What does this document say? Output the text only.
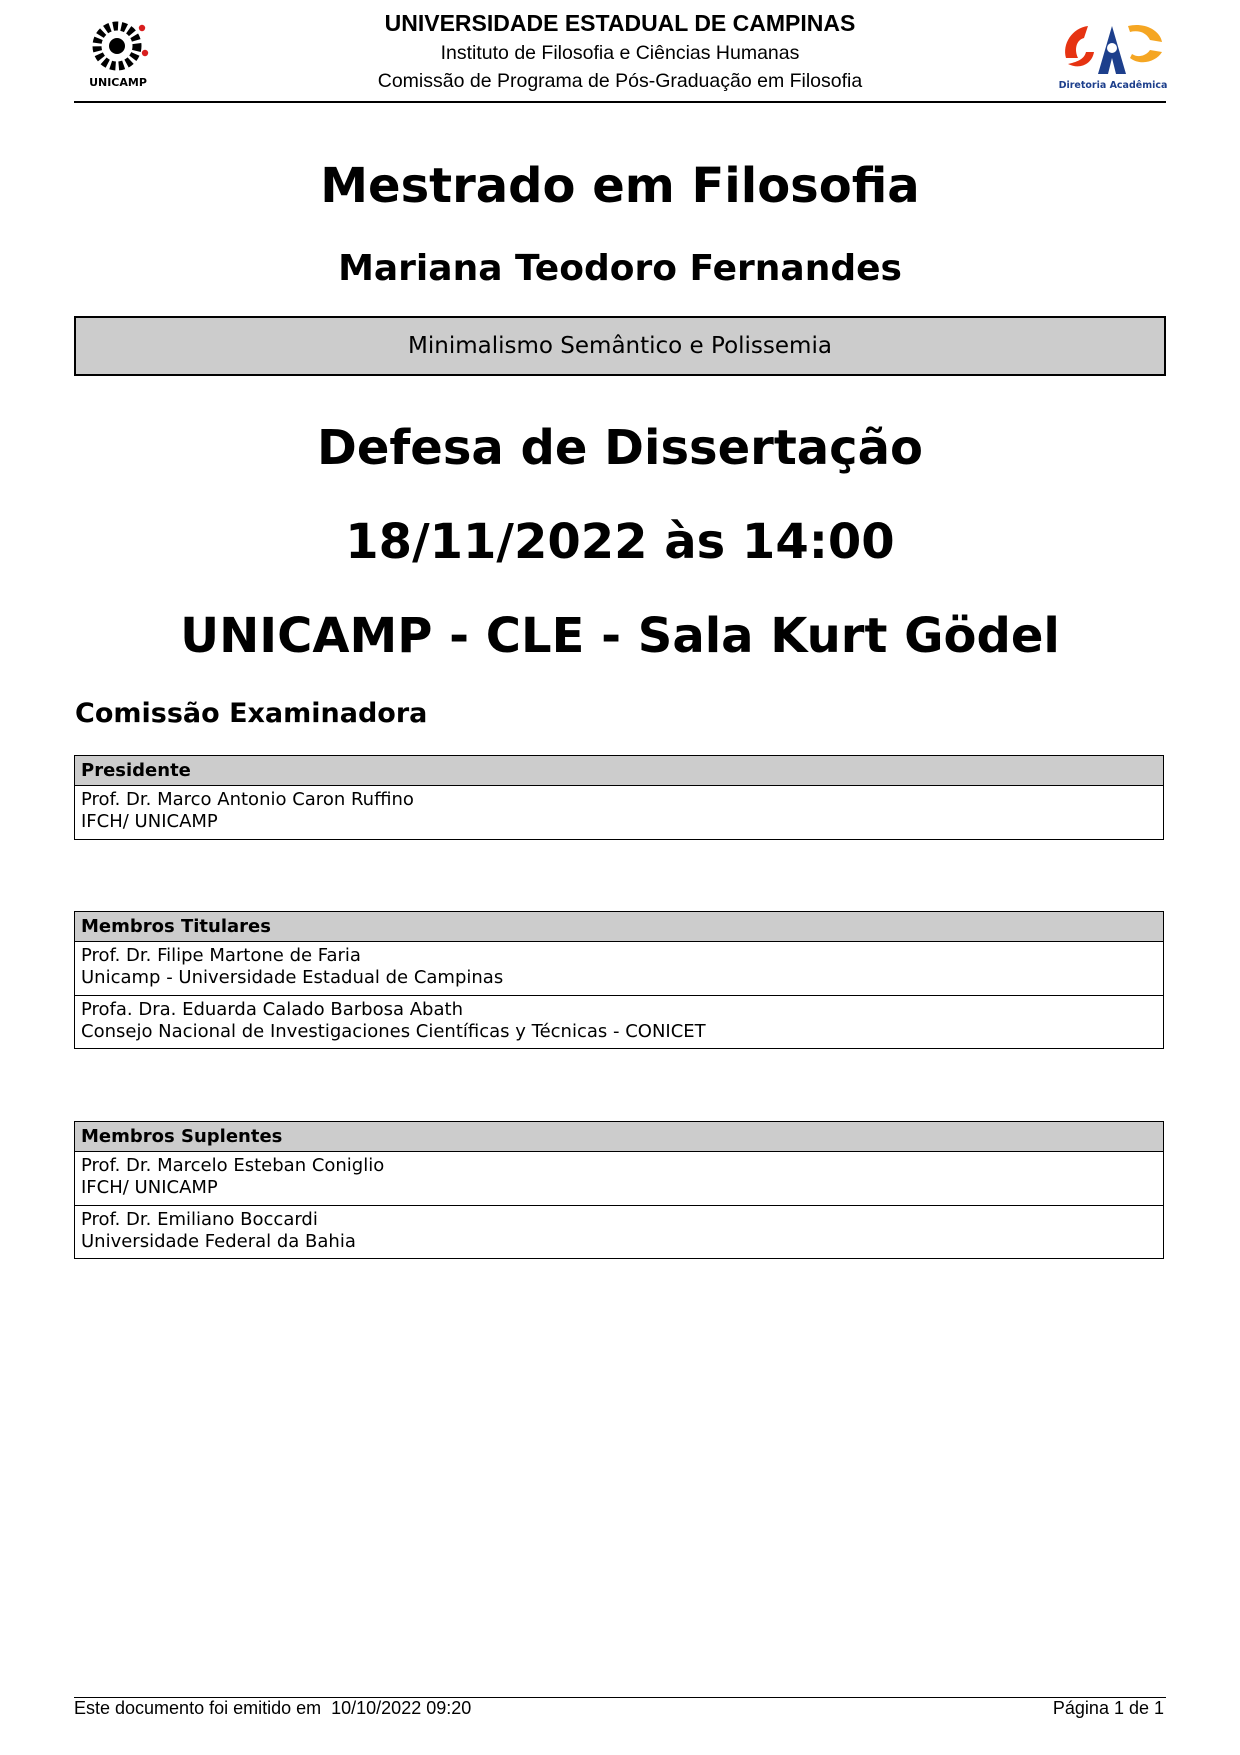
UNICAMP	Diretoria Acadêmica
UNIVERSIDADE ESTADUAL DE CAMPINAS
Instituto de Filosofia e Ciências Humanas
Comissão de Programa de Pós-Graduação em Filosofia
Mestrado em Filosofia
Mariana Teodoro Fernandes
Minimalismo Semântico e Polissemia
Defesa de Dissertação
18/11/2022 às 14:00
UNICAMP - CLE - Sala Kurt Gödel
Comissão Examinadora
Presidente
Prof. Dr. Marco Antonio Caron Ruffino
IFCH/ UNICAMP
Membros Titulares
Prof. Dr. Filipe Martone de Faria
Unicamp - Universidade Estadual de Campinas
Profa. Dra. Eduarda Calado Barbosa Abath
Consejo Nacional de Investigaciones Científicas y Técnicas - CONICET
Membros Suplentes
Prof. Dr. Marcelo Esteban Coniglio
IFCH/ UNICAMP
Prof. Dr. Emiliano Boccardi
Universidade Federal da Bahia
Este documento foi emitido em  10/10/2022 09:20	Página 1 de 1
